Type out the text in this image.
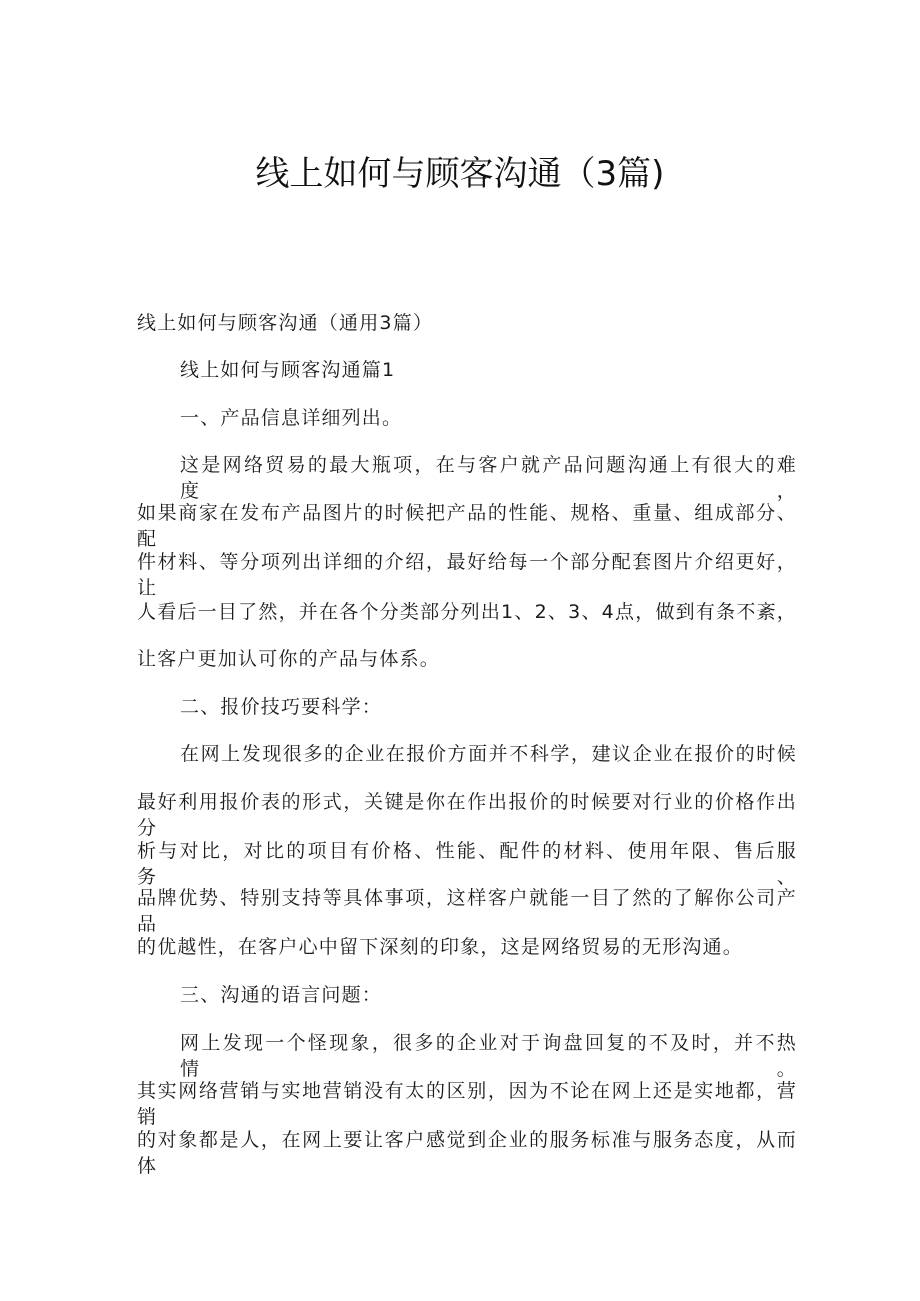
线上如何与顾客沟通（3篇)
线上如何与顾客沟通（通用3篇）
线上如何与顾客沟通篇1
一、产品信息详细列出。
这是网络贸易的最大瓶项，在与客户就产品问题沟通上有很大的难度，
如果商家在发布产品图片的时候把产品的性能、规格、重量、组成部分、配
件材料、等分项列出详细的介绍，最好给每一个部分配套图片介绍更好，让
人看后一目了然，并在各个分类部分列出1、2、3、4点，做到有条不紊，
让客户更加认可你的产品与体系。
二、报价技巧要科学：
在网上发现很多的企业在报价方面并不科学，建议企业在报价的时候
最好利用报价表的形式，关键是你在作出报价的时候要对行业的价格作出分
析与对比，对比的项目有价格、性能、配件的材料、使用年限、售后服务、
品牌优势、特别支持等具体事项，这样客户就能一目了然的了解你公司产品
的优越性，在客户心中留下深刻的印象，这是网络贸易的无形沟通。
三、沟通的语言问题：
网上发现一个怪现象，很多的企业对于询盘回复的不及时，并不热情。
其实网络营销与实地营销没有太的区别，因为不论在网上还是实地都，营销
的对象都是人，在网上要让客户感觉到企业的服务标准与服务态度，从而体
